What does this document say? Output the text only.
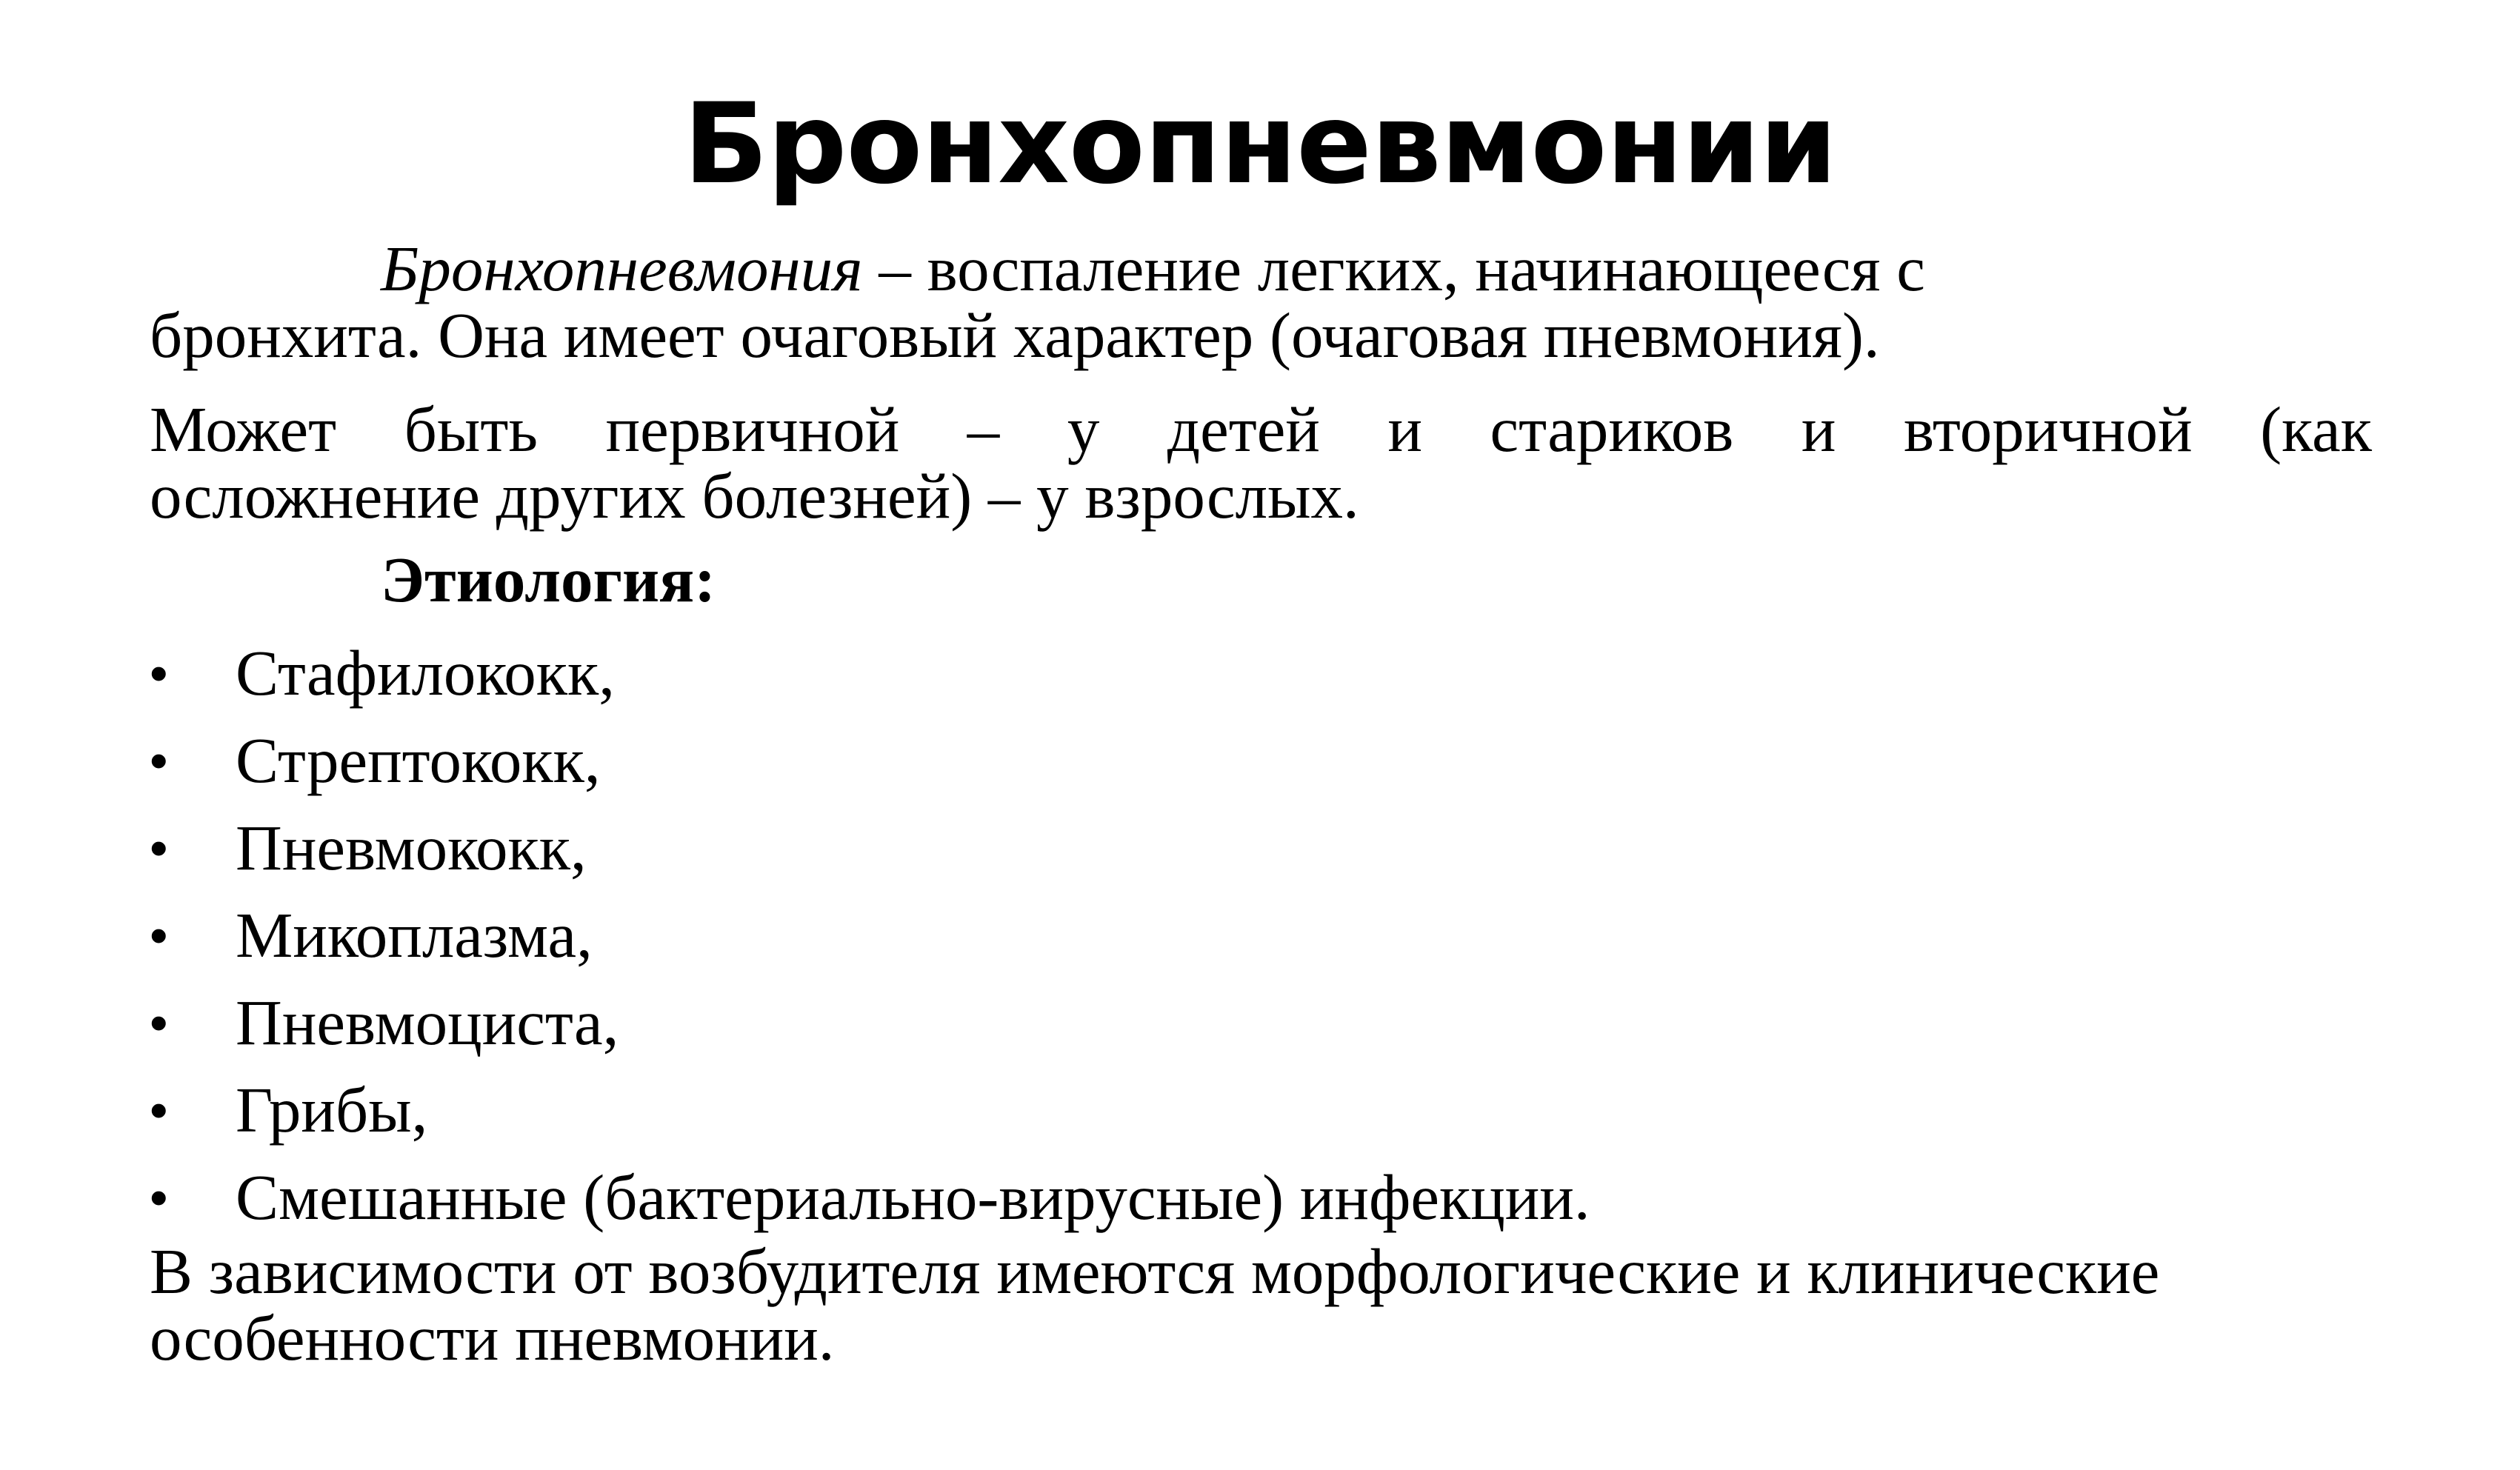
Бронхопневмонии
Бронхопневмония – воспаление легких, начинающееся с
бронхита. Она имеет очаговый характер (очаговая пневмония).
Может быть первичной – у детей и стариков и вторичной (как
осложнение других болезней) – у взрослых.
Этиология:
• Стафилококк,
• Стрептококк,
• Пневмококк,
• Микоплазма,
• Пневмоциста,
• Грибы,
• Смешанные (бактериально-вирусные) инфекции.
В зависимости от возбудителя имеются морфологические и клинические
особенности пневмонии.
